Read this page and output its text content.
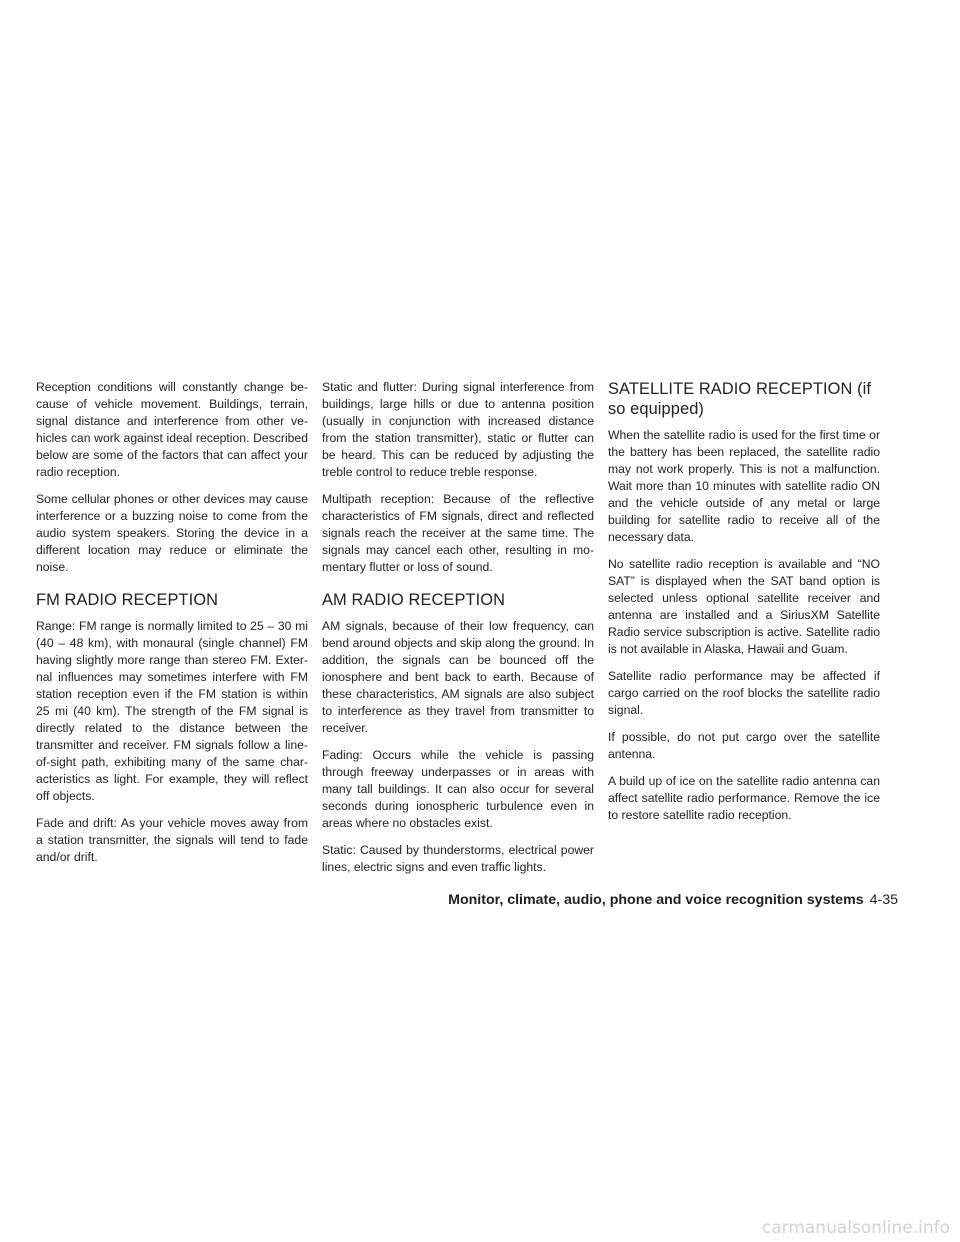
Reception conditions will constantly change because of vehicle movement. Buildings, terrain, signal distance and interference from other vehicles can work against ideal reception. Described below are some of the factors that can affect your radio reception.

Some cellular phones or other devices may cause interference or a buzzing noise to come from the audio system speakers. Storing the device in a different location may reduce or eliminate the noise.

FM RADIO RECEPTION

Range: FM range is normally limited to 25 – 30 mi (40 – 48 km), with monaural (single channel) FM having slightly more range than stereo FM. External influences may sometimes interfere with FM station reception even if the FM station is within 25 mi (40 km). The strength of the FM signal is directly related to the distance between the transmitter and receiver. FM signals follow a line-of-sight path, exhibiting many of the same characteristics as light. For example, they will reflect off objects.

Fade and drift: As your vehicle moves away from a station transmitter, the signals will tend to fade and/or drift.

Static and flutter: During signal interference from buildings, large hills or due to antenna position (usually in conjunction with increased distance from the station transmitter), static or flutter can be heard. This can be reduced by adjusting the treble control to reduce treble response.

Multipath reception: Because of the reflective characteristics of FM signals, direct and reflected signals reach the receiver at the same time. The signals may cancel each other, resulting in momentary flutter or loss of sound.

AM RADIO RECEPTION

AM signals, because of their low frequency, can bend around objects and skip along the ground. In addition, the signals can be bounced off the ionosphere and bent back to earth. Because of these characteristics, AM signals are also subject to interference as they travel from transmitter to receiver.

Fading: Occurs while the vehicle is passing through freeway underpasses or in areas with many tall buildings. It can also occur for several seconds during ionospheric turbulence even in areas where no obstacles exist.

Static: Caused by thunderstorms, electrical power lines, electric signs and even traffic lights.

SATELLITE RADIO RECEPTION (if so equipped)

When the satellite radio is used for the first time or the battery has been replaced, the satellite radio may not work properly. This is not a malfunction. Wait more than 10 minutes with satellite radio ON and the vehicle outside of any metal or large building for satellite radio to receive all of the necessary data.

No satellite radio reception is available and “NO SAT” is displayed when the SAT band option is selected unless optional satellite receiver and antenna are installed and a SiriusXM Satellite Radio service subscription is active. Satellite radio is not available in Alaska, Hawaii and Guam.

Satellite radio performance may be affected if cargo carried on the roof blocks the satellite radio signal.

If possible, do not put cargo over the satellite antenna.

A build up of ice on the satellite radio antenna can affect satellite radio performance. Remove the ice to restore satellite radio reception.

Monitor, climate, audio, phone and voice recognition systems 4-35
carmanualsonline.info
